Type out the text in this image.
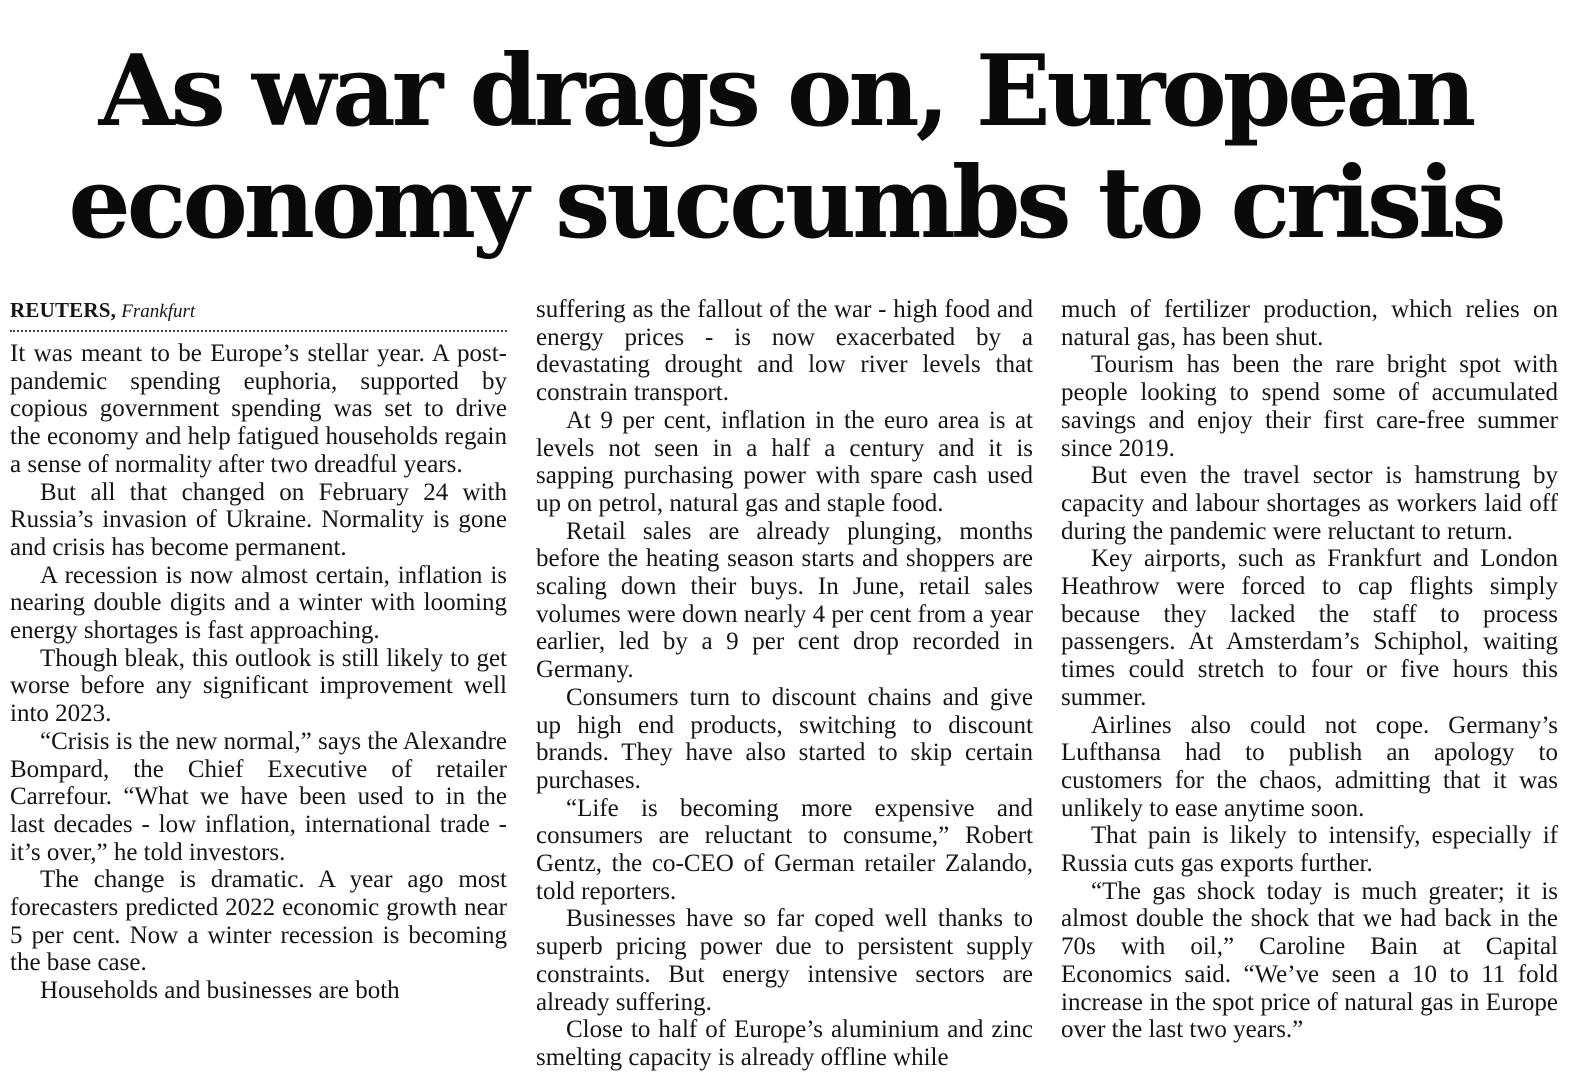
As war drags on, European
economy succumbs to crisis
REUTERS, Frankfurt

It was meant to be Europe’s stellar year. A post-pandemic spending euphoria, supported by copious government spending was set to drive the economy and help fatigued households regain a sense of normality after two dreadful years.

But all that changed on February 24 with Russia’s invasion of Ukraine. Normality is gone and crisis has become permanent.

A recession is now almost certain, inflation is nearing double digits and a winter with looming energy shortages is fast approaching.

Though bleak, this outlook is still likely to get worse before any significant improvement well into 2023.

“Crisis is the new normal,” says the Alexandre Bompard, the Chief Executive of retailer Carrefour. “What we have been used to in the last decades - low inflation, international trade - it’s over,” he told investors.

The change is dramatic. A year ago most forecasters predicted 2022 economic growth near 5 per cent. Now a winter recession is becoming the base case.

Households and businesses are both

suffering as the fallout of the war - high food and energy prices - is now exacerbated by a devastating drought and low river levels that constrain transport.

At 9 per cent, inflation in the euro area is at levels not seen in a half a century and it is sapping purchasing power with spare cash used up on petrol, natural gas and staple food.

Retail sales are already plunging, months before the heating season starts and shoppers are scaling down their buys. In June, retail sales volumes were down nearly 4 per cent from a year earlier, led by a 9 per cent drop recorded in Germany.

Consumers turn to discount chains and give up high end products, switching to discount brands. They have also started to skip certain purchases.

“Life is becoming more expensive and consumers are reluctant to consume,” Robert Gentz, the co-CEO of German retailer Zalando, told reporters.

Businesses have so far coped well thanks to superb pricing power due to persistent supply constraints. But energy intensive sectors are already suffering.

Close to half of Europe’s aluminium and zinc smelting capacity is already offline while

much of fertilizer production, which relies on natural gas, has been shut.

Tourism has been the rare bright spot with people looking to spend some of accumulated savings and enjoy their first care-free summer since 2019.

But even the travel sector is hamstrung by capacity and labour shortages as workers laid off during the pandemic were reluctant to return.

Key airports, such as Frankfurt and London Heathrow were forced to cap flights simply because they lacked the staff to process passengers. At Amsterdam’s Schiphol, waiting times could stretch to four or five hours this summer.

Airlines also could not cope. Germany’s Lufthansa had to publish an apology to customers for the chaos, admitting that it was unlikely to ease anytime soon.

That pain is likely to intensify, especially if Russia cuts gas exports further.

“The gas shock today is much greater; it is almost double the shock that we had back in the 70s with oil,” Caroline Bain at Capital Economics said. “We’ve seen a 10 to 11 fold increase in the spot price of natural gas in Europe over the last two years.”
